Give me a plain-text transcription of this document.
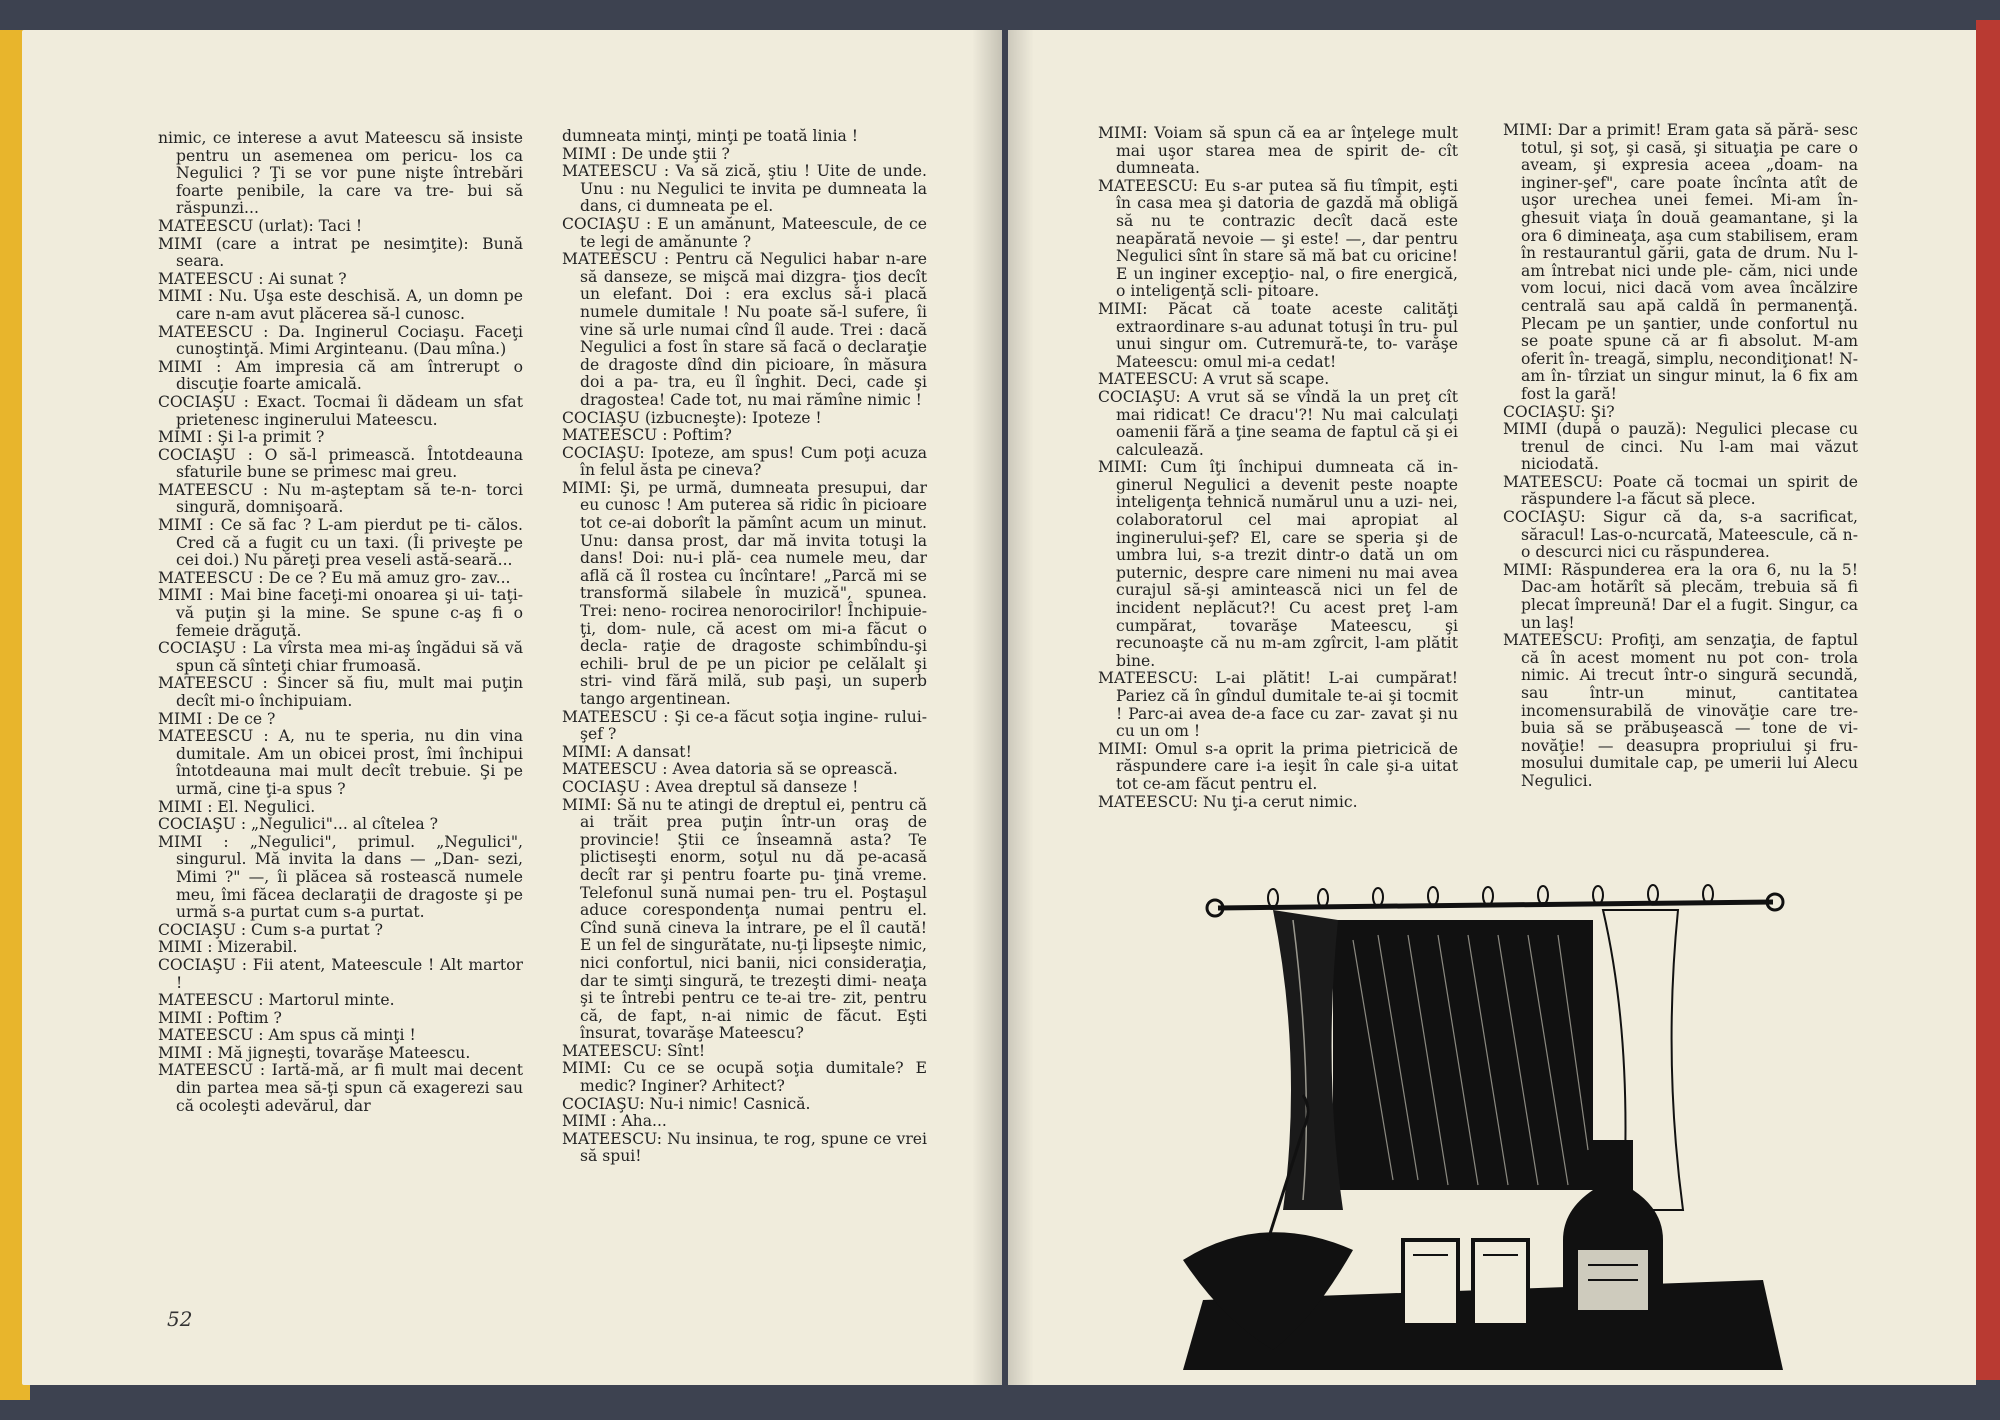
nimic, ce interese a avut Mateescu să insiste pentru un asemenea om pericu- los ca Negulici ? Ţi se vor pune nişte întrebări foarte penibile, la care va tre- bui să răspunzi...

MATEESCU (urlat): Taci !

MIMI (care a intrat pe nesimţite): Bună seara.

MATEESCU : Ai sunat ?

MIMI : Nu. Uşa este deschisă. A, un domn pe care n-am avut plăcerea să-l cunosc.

MATEESCU : Da. Inginerul Cociaşu. Faceţi cunoştinţă. Mimi Arginteanu. (Dau mîna.)

MIMI : Am impresia că am întrerupt o discuţie foarte amicală.

COCIAŞU : Exact. Tocmai îi dădeam un sfat prietenesc inginerului Mateescu.

MIMI : Şi l-a primit ?

COCIAŞU : O să-l primească. Întotdeauna sfaturile bune se primesc mai greu.

MATEESCU : Nu m-aşteptam să te-n- torci singură, domnişoară.

MIMI : Ce să fac ? L-am pierdut pe ti- călos. Cred că a fugit cu un taxi. (Îi priveşte pe cei doi.) Nu păreţi prea veseli astă-seară...

MATEESCU : De ce ? Eu mă amuz gro- zav...

MIMI : Mai bine faceţi-mi onoarea şi ui- taţi-vă puţin şi la mine. Se spune c-aş fi o femeie drăguţă.

COCIAŞU : La vîrsta mea mi-aş îngădui să vă spun că sînteţi chiar frumoasă.

MATEESCU : Sincer să fiu, mult mai puţin decît mi-o închipuiam.

MIMI : De ce ?

MATEESCU : A, nu te speria, nu din vina dumitale. Am un obicei prost, îmi închipui întotdeauna mai mult decît trebuie. Şi pe urmă, cine ţi-a spus ?

MIMI : El. Negulici.

COCIAŞU : „Negulici"... al cîtelea ?

MIMI : „Negulici", primul. „Negulici", singurul. Mă invita la dans — „Dan- sezi, Mimi ?" —, îi plăcea să rostească numele meu, îmi făcea declaraţii de dragoste şi pe urmă s-a purtat cum s-a purtat.

COCIAŞU : Cum s-a purtat ?

MIMI : Mizerabil.

COCIAŞU : Fii atent, Mateescule ! Alt martor !

MATEESCU : Martorul minte.

MIMI : Poftim ?

MATEESCU : Am spus că minţi !

MIMI : Mă jigneşti, tovarăşe Mateescu.

MATEESCU : Iartă-mă, ar fi mult mai decent din partea mea să-ţi spun că exagerezi sau că ocoleşti adevărul, dar

dumneata minţi, minţi pe toată linia !

MIMI : De unde ştii ?

MATEESCU : Va să zică, ştiu ! Uite de unde. Unu : nu Negulici te invita pe dumneata la dans, ci dumneata pe el.

COCIAŞU : E un amănunt, Mateescule, de ce te legi de amănunte ?

MATEESCU : Pentru că Negulici habar n-are să danseze, se mişcă mai dizgra- ţios decît un elefant. Doi : era exclus să-i placă numele dumitale ! Nu poate să-l sufere, îi vine să urle numai cînd îl aude. Trei : dacă Negulici a fost în stare să facă o declaraţie de dragoste dînd din picioare, în măsura doi a pa- tra, eu îl înghit. Deci, cade şi dragostea! Cade tot, nu mai rămîne nimic !

COCIAŞU (izbucneşte): Ipoteze !

MATEESCU : Poftim?

COCIAŞU: Ipoteze, am spus! Cum poţi acuza în felul ăsta pe cineva?

MIMI: Şi, pe urmă, dumneata presupui, dar eu cunosc ! Am puterea să ridic în picioare tot ce-ai doborît la pămînt acum un minut. Unu: dansa prost, dar mă invita totuşi la dans! Doi: nu-i plă- cea numele meu, dar află că îl rostea cu încîntare! „Parcă mi se transformă silabele în muzică", spunea. Trei: neno- rocirea nenorocirilor! Închipuie-ţi, dom- nule, că acest om mi-a făcut o decla- raţie de dragoste schimbîndu-şi echili- brul de pe un picior pe celălalt şi stri- vind fără milă, sub paşi, un superb tango argentinean.

MATEESCU : Şi ce-a făcut soţia ingine- rului-şef ?

MIMI: A dansat!

MATEESCU : Avea datoria să se oprească.

COCIAŞU : Avea dreptul să danseze !

MIMI: Să nu te atingi de dreptul ei, pentru că ai trăit prea puţin într-un oraş de provincie! Ştii ce înseamnă asta? Te plictiseşti enorm, soţul nu dă pe-acasă decît rar şi pentru foarte pu- ţină vreme. Telefonul sună numai pen- tru el. Poştaşul aduce corespondenţa numai pentru el. Cînd sună cineva la intrare, pe el îl caută! E un fel de singurătate, nu-ţi lipseşte nimic, nici confortul, nici banii, nici consideraţia, dar te simţi singură, te trezeşti dimi- neaţa şi te întrebi pentru ce te-ai tre- zit, pentru că, de fapt, n-ai nimic de făcut. Eşti însurat, tovarăşe Mateescu?

MATEESCU: Sînt!

MIMI: Cu ce se ocupă soţia dumitale? E medic? Inginer? Arhitect?

COCIAŞU: Nu-i nimic! Casnică.

MIMI : Aha...

MATEESCU: Nu insinua, te rog, spune ce vrei să spui!

52

MIMI: Voiam să spun că ea ar înţelege mult mai uşor starea mea de spirit de- cît dumneata.

MATEESCU: Eu s-ar putea să fiu tîmpit, eşti în casa mea şi datoria de gazdă mă obligă să nu te contrazic decît dacă este neapărată nevoie — şi este! —, dar pentru Negulici sînt în stare să mă bat cu oricine! E un inginer excepţio- nal, o fire energică, o inteligenţă scli- pitoare.

MIMI: Păcat că toate aceste calităţi extraordinare s-au adunat totuşi în tru- pul unui singur om. Cutremură-te, to- varăşe Mateescu: omul mi-a cedat!

MATEESCU: A vrut să scape.

COCIAŞU: A vrut să se vîndă la un preţ cît mai ridicat! Ce dracu'?! Nu mai calculaţi oamenii fără a ţine seama de faptul că şi ei calculează.

MIMI: Cum îţi închipui dumneata că in- ginerul Negulici a devenit peste noapte inteligenţa tehnică numărul unu a uzi- nei, colaboratorul cel mai apropiat al inginerului-şef? El, care se speria şi de umbra lui, s-a trezit dintr-o dată un om puternic, despre care nimeni nu mai avea curajul să-şi amintească nici un fel de incident neplăcut?! Cu acest preţ l-am cumpărat, tovarăşe Mateescu, şi recunoaşte că nu m-am zgîrcit, l-am plătit bine.

MATEESCU: L-ai plătit! L-ai cumpărat! Pariez că în gîndul dumitale te-ai şi tocmit ! Parc-ai avea de-a face cu zar- zavat şi nu cu un om !

MIMI: Omul s-a oprit la prima pietricică de răspundere care i-a ieşit în cale şi-a uitat tot ce-am făcut pentru el.

MATEESCU: Nu ţi-a cerut nimic.

MIMI: Dar a primit! Eram gata să pără- sesc totul, şi soţ, şi casă, şi situaţia pe care o aveam, şi expresia aceea „doam- na inginer-şef", care poate încînta atît de uşor urechea unei femei. Mi-am în- ghesuit viaţa în două geamantane, şi la ora 6 dimineaţa, aşa cum stabilisem, eram în restaurantul gării, gata de drum. Nu l-am întrebat nici unde ple- căm, nici unde vom locui, nici dacă vom avea încălzire centrală sau apă caldă în permanenţă. Plecam pe un şantier, unde confortul nu se poate spune că ar fi absolut. M-am oferit în- treagă, simplu, necondiţionat! N-am în- tîrziat un singur minut, la 6 fix am fost la gară!

COCIAŞU: Şi?

MIMI (după o pauză): Negulici plecase cu trenul de cinci. Nu l-am mai văzut niciodată.

MATEESCU: Poate că tocmai un spirit de răspundere l-a făcut să plece.

COCIAŞU: Sigur că da, s-a sacrificat, săracul! Las-o-ncurcată, Mateescule, că n-o descurci nici cu răspunderea.

MIMI: Răspunderea era la ora 6, nu la 5! Dac-am hotărît să plecăm, trebuia să fi plecat împreună! Dar el a fugit. Singur, ca un laş!

MATEESCU: Profiţi, am senzaţia, de faptul că în acest moment nu pot con- trola nimic. Ai trecut într-o singură secundă, sau într-un minut, cantitatea incomensurabilă de vinovăţie care tre- buia să se prăbuşească — tone de vi- novăţie! — deasupra propriului şi fru- mosului dumitale cap, pe umerii lui Alecu Negulici.
